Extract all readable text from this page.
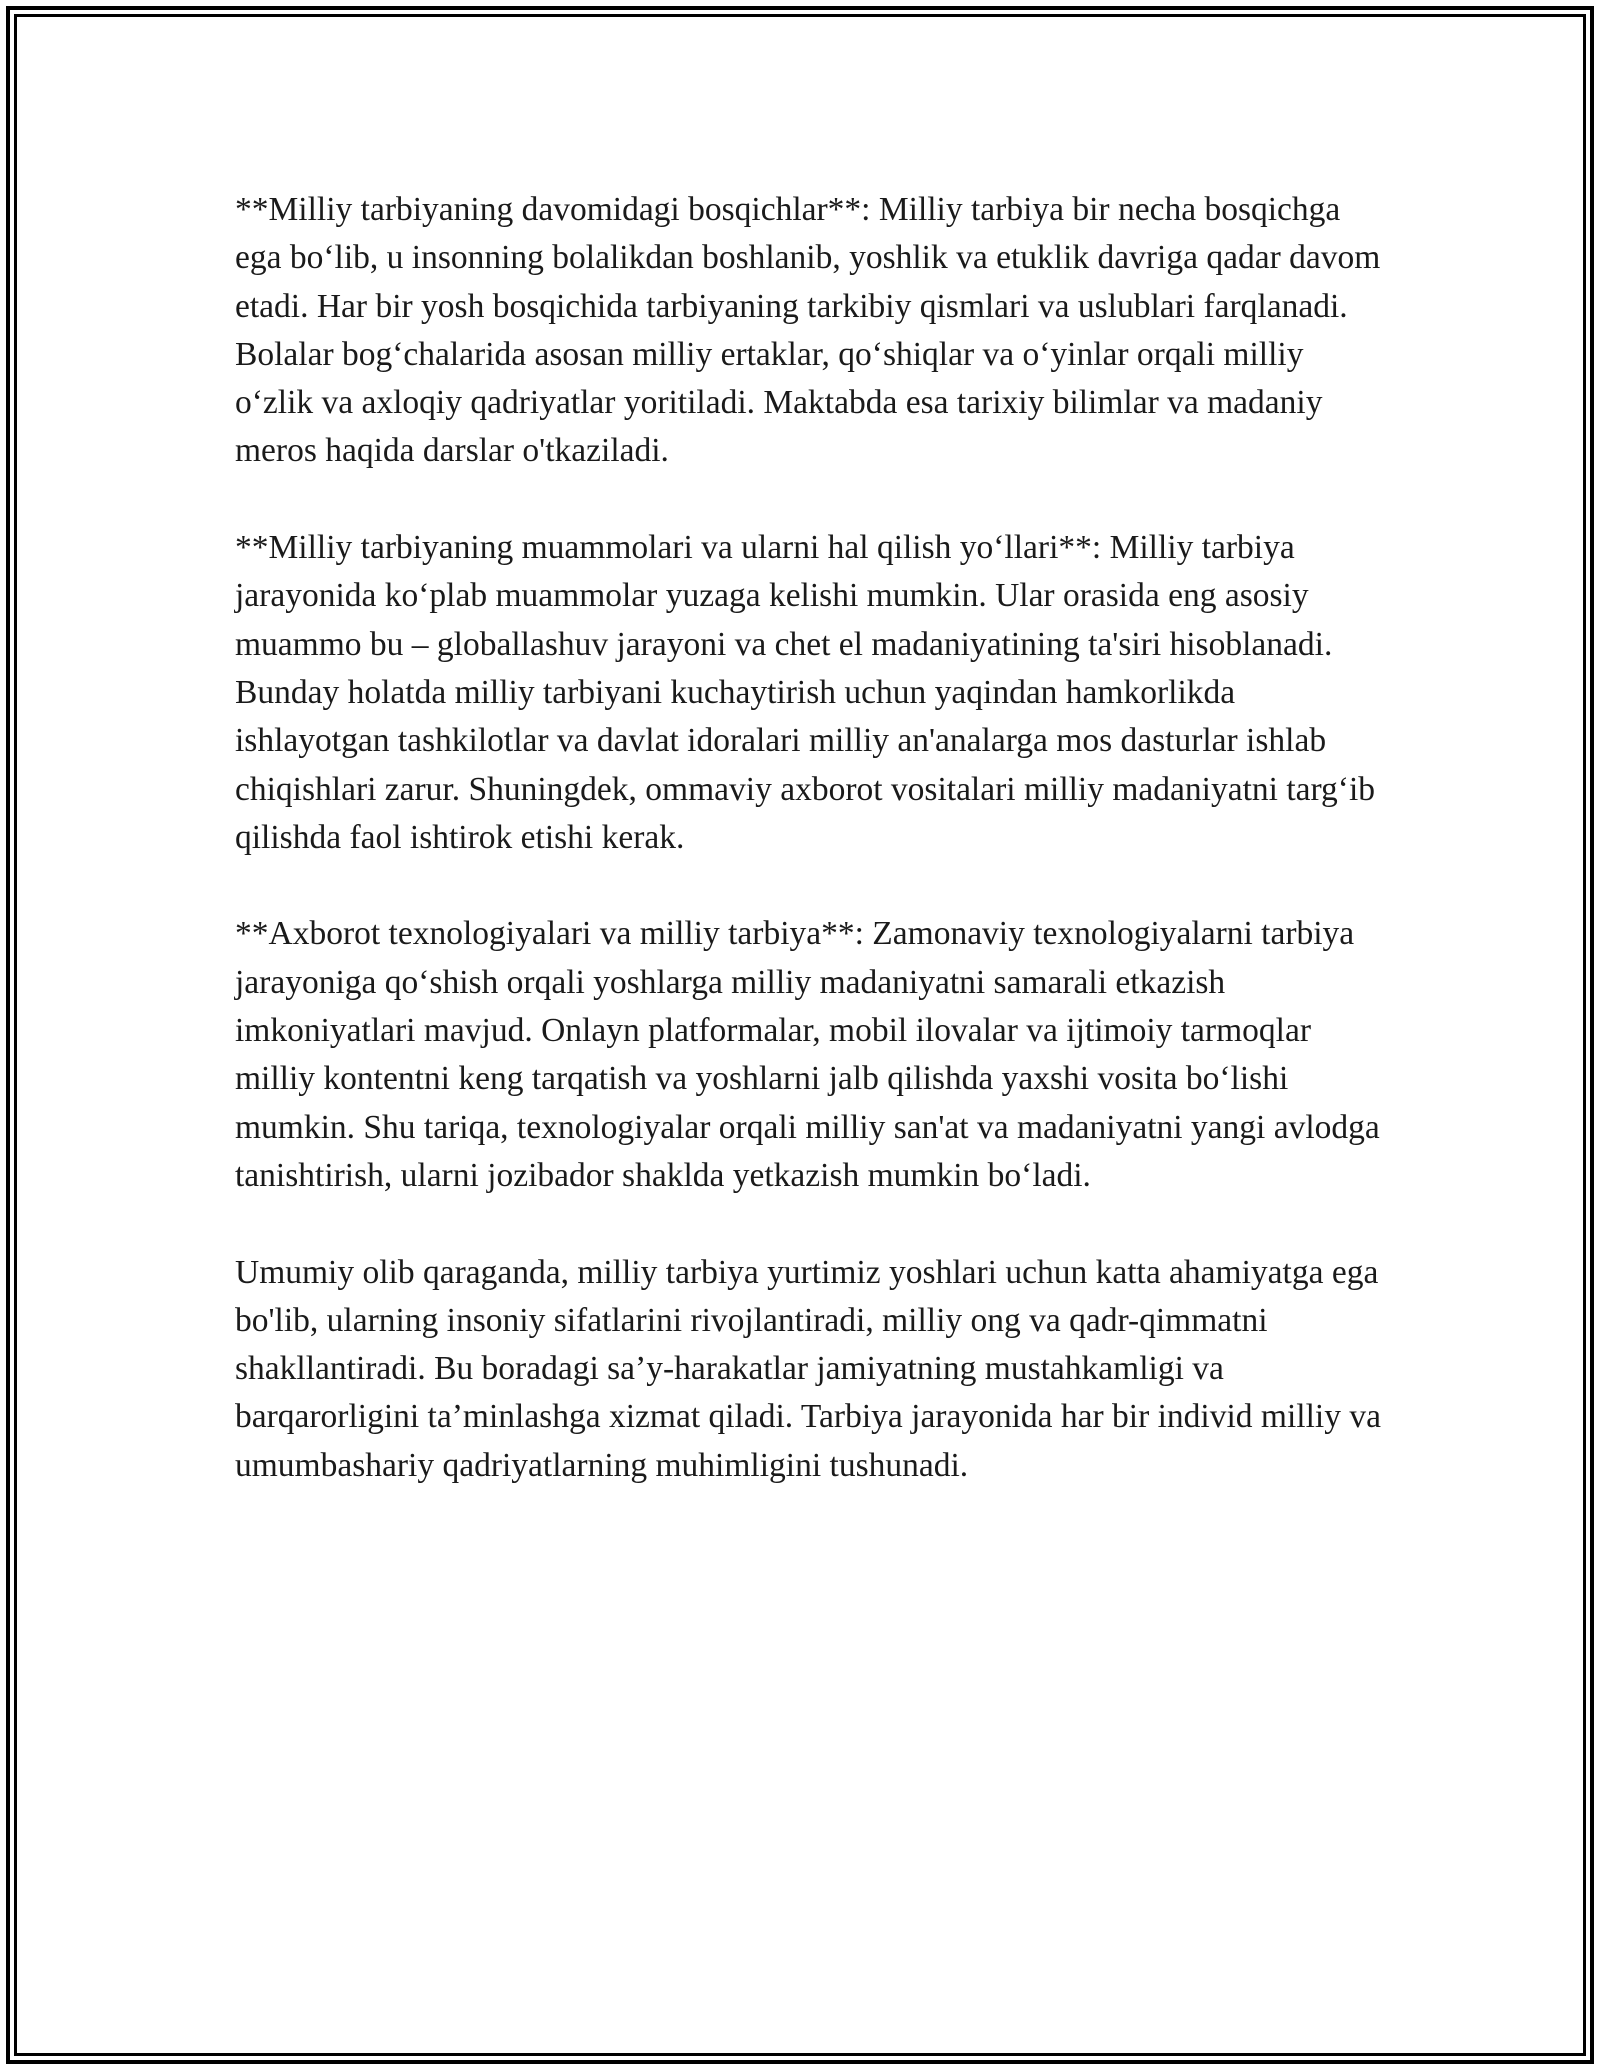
**Milliy tarbiyaning davomidagi bosqichlar**: Milliy tarbiya bir necha bosqichga ega bo‘lib, u insonning bolalikdan boshlanib, yoshlik va etuklik davriga qadar davom etadi. Har bir yosh bosqichida tarbiyaning tarkibiy qismlari va uslublari farqlanadi. Bolalar bog‘chalarida asosan milliy ertaklar, qo‘shiqlar va o‘yinlar orqali milliy o‘zlik va axloqiy qadriyatlar yoritiladi. Maktabda esa tarixiy bilimlar va madaniy meros haqida darslar o'tkaziladi.

**Milliy tarbiyaning muammolari va ularni hal qilish yo‘llari**: Milliy tarbiya jarayonida ko‘plab muammolar yuzaga kelishi mumkin. Ular orasida eng asosiy muammo bu – globallashuv jarayoni va chet el madaniyatining ta'siri hisoblanadi. Bunday holatda milliy tarbiyani kuchaytirish uchun yaqindan hamkorlikda ishlayotgan tashkilotlar va davlat idoralari milliy an'analarga mos dasturlar ishlab chiqishlari zarur. Shuningdek, ommaviy axborot vositalari milliy madaniyatni targ‘ib qilishda faol ishtirok etishi kerak.

**Axborot texnologiyalari va milliy tarbiya**: Zamonaviy texnologiyalarni tarbiya jarayoniga qo‘shish orqali yoshlarga milliy madaniyatni samarali etkazish imkoniyatlari mavjud. Onlayn platformalar, mobil ilovalar va ijtimoiy tarmoqlar milliy kontentni keng tarqatish va yoshlarni jalb qilishda yaxshi vosita bo‘lishi mumkin. Shu tariqa, texnologiyalar orqali milliy san'at va madaniyatni yangi avlodga tanishtirish, ularni jozibador shaklda yetkazish mumkin bo‘ladi.

Umumiy olib qaraganda, milliy tarbiya yurtimiz yoshlari uchun katta ahamiyatga ega bo'lib, ularning insoniy sifatlarini rivojlantiradi, milliy ong va qadr-qimmatni shakllantiradi. Bu boradagi sa’y-harakatlar jamiyatning mustahkamligi va barqarorligini ta’minlashga xizmat qiladi. Tarbiya jarayonida har bir individ milliy va umumbashariy qadriyatlarning muhimligini tushunadi.
